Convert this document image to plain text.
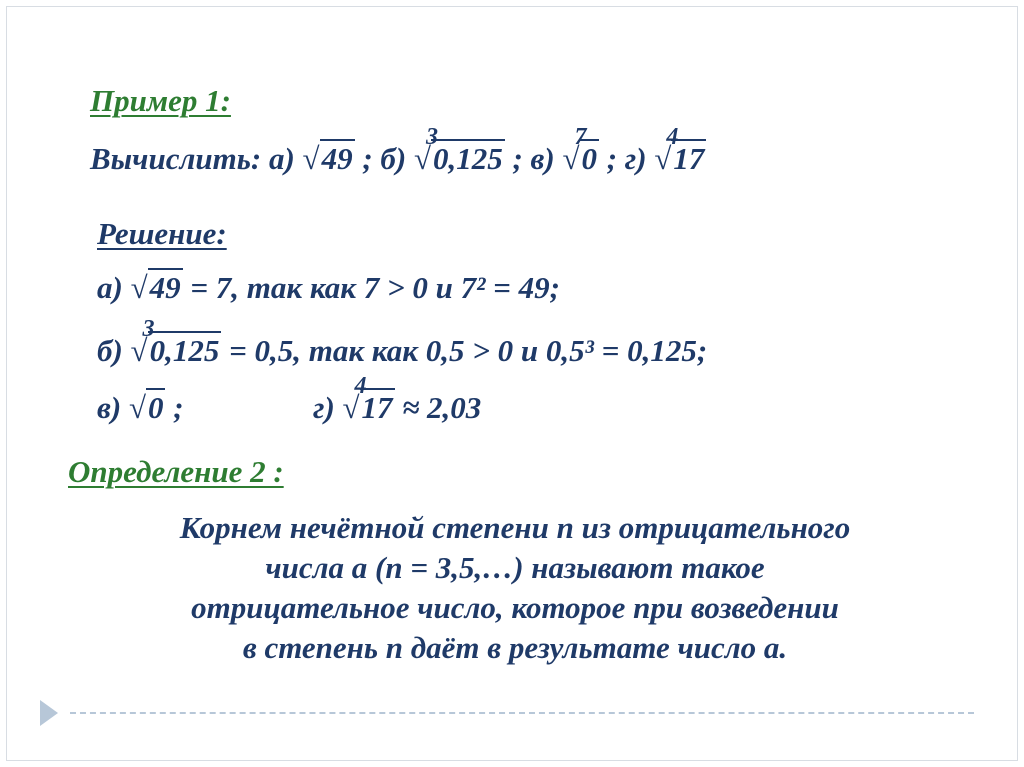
Пример 1:
Вычислить: а) √49 ; б)
3
√0,125 ; в)
7
√0 ; г)
4
√17
Решение:
а) √49 = 7, так как 7 > 0 и 7² = 49;
б)
3
√0,125 = 0,5, так как 0,5 > 0 и 0,5³ = 0,125;
в) √0 ;	г)
4
√17 ≈ 2,03
Определение 2 :
Корнем нечётной степени n из отрицательного
числа а (n = 3,5,…) называют такое
отрицательное число, которое при возведении
в степень n даёт в результате число а.
